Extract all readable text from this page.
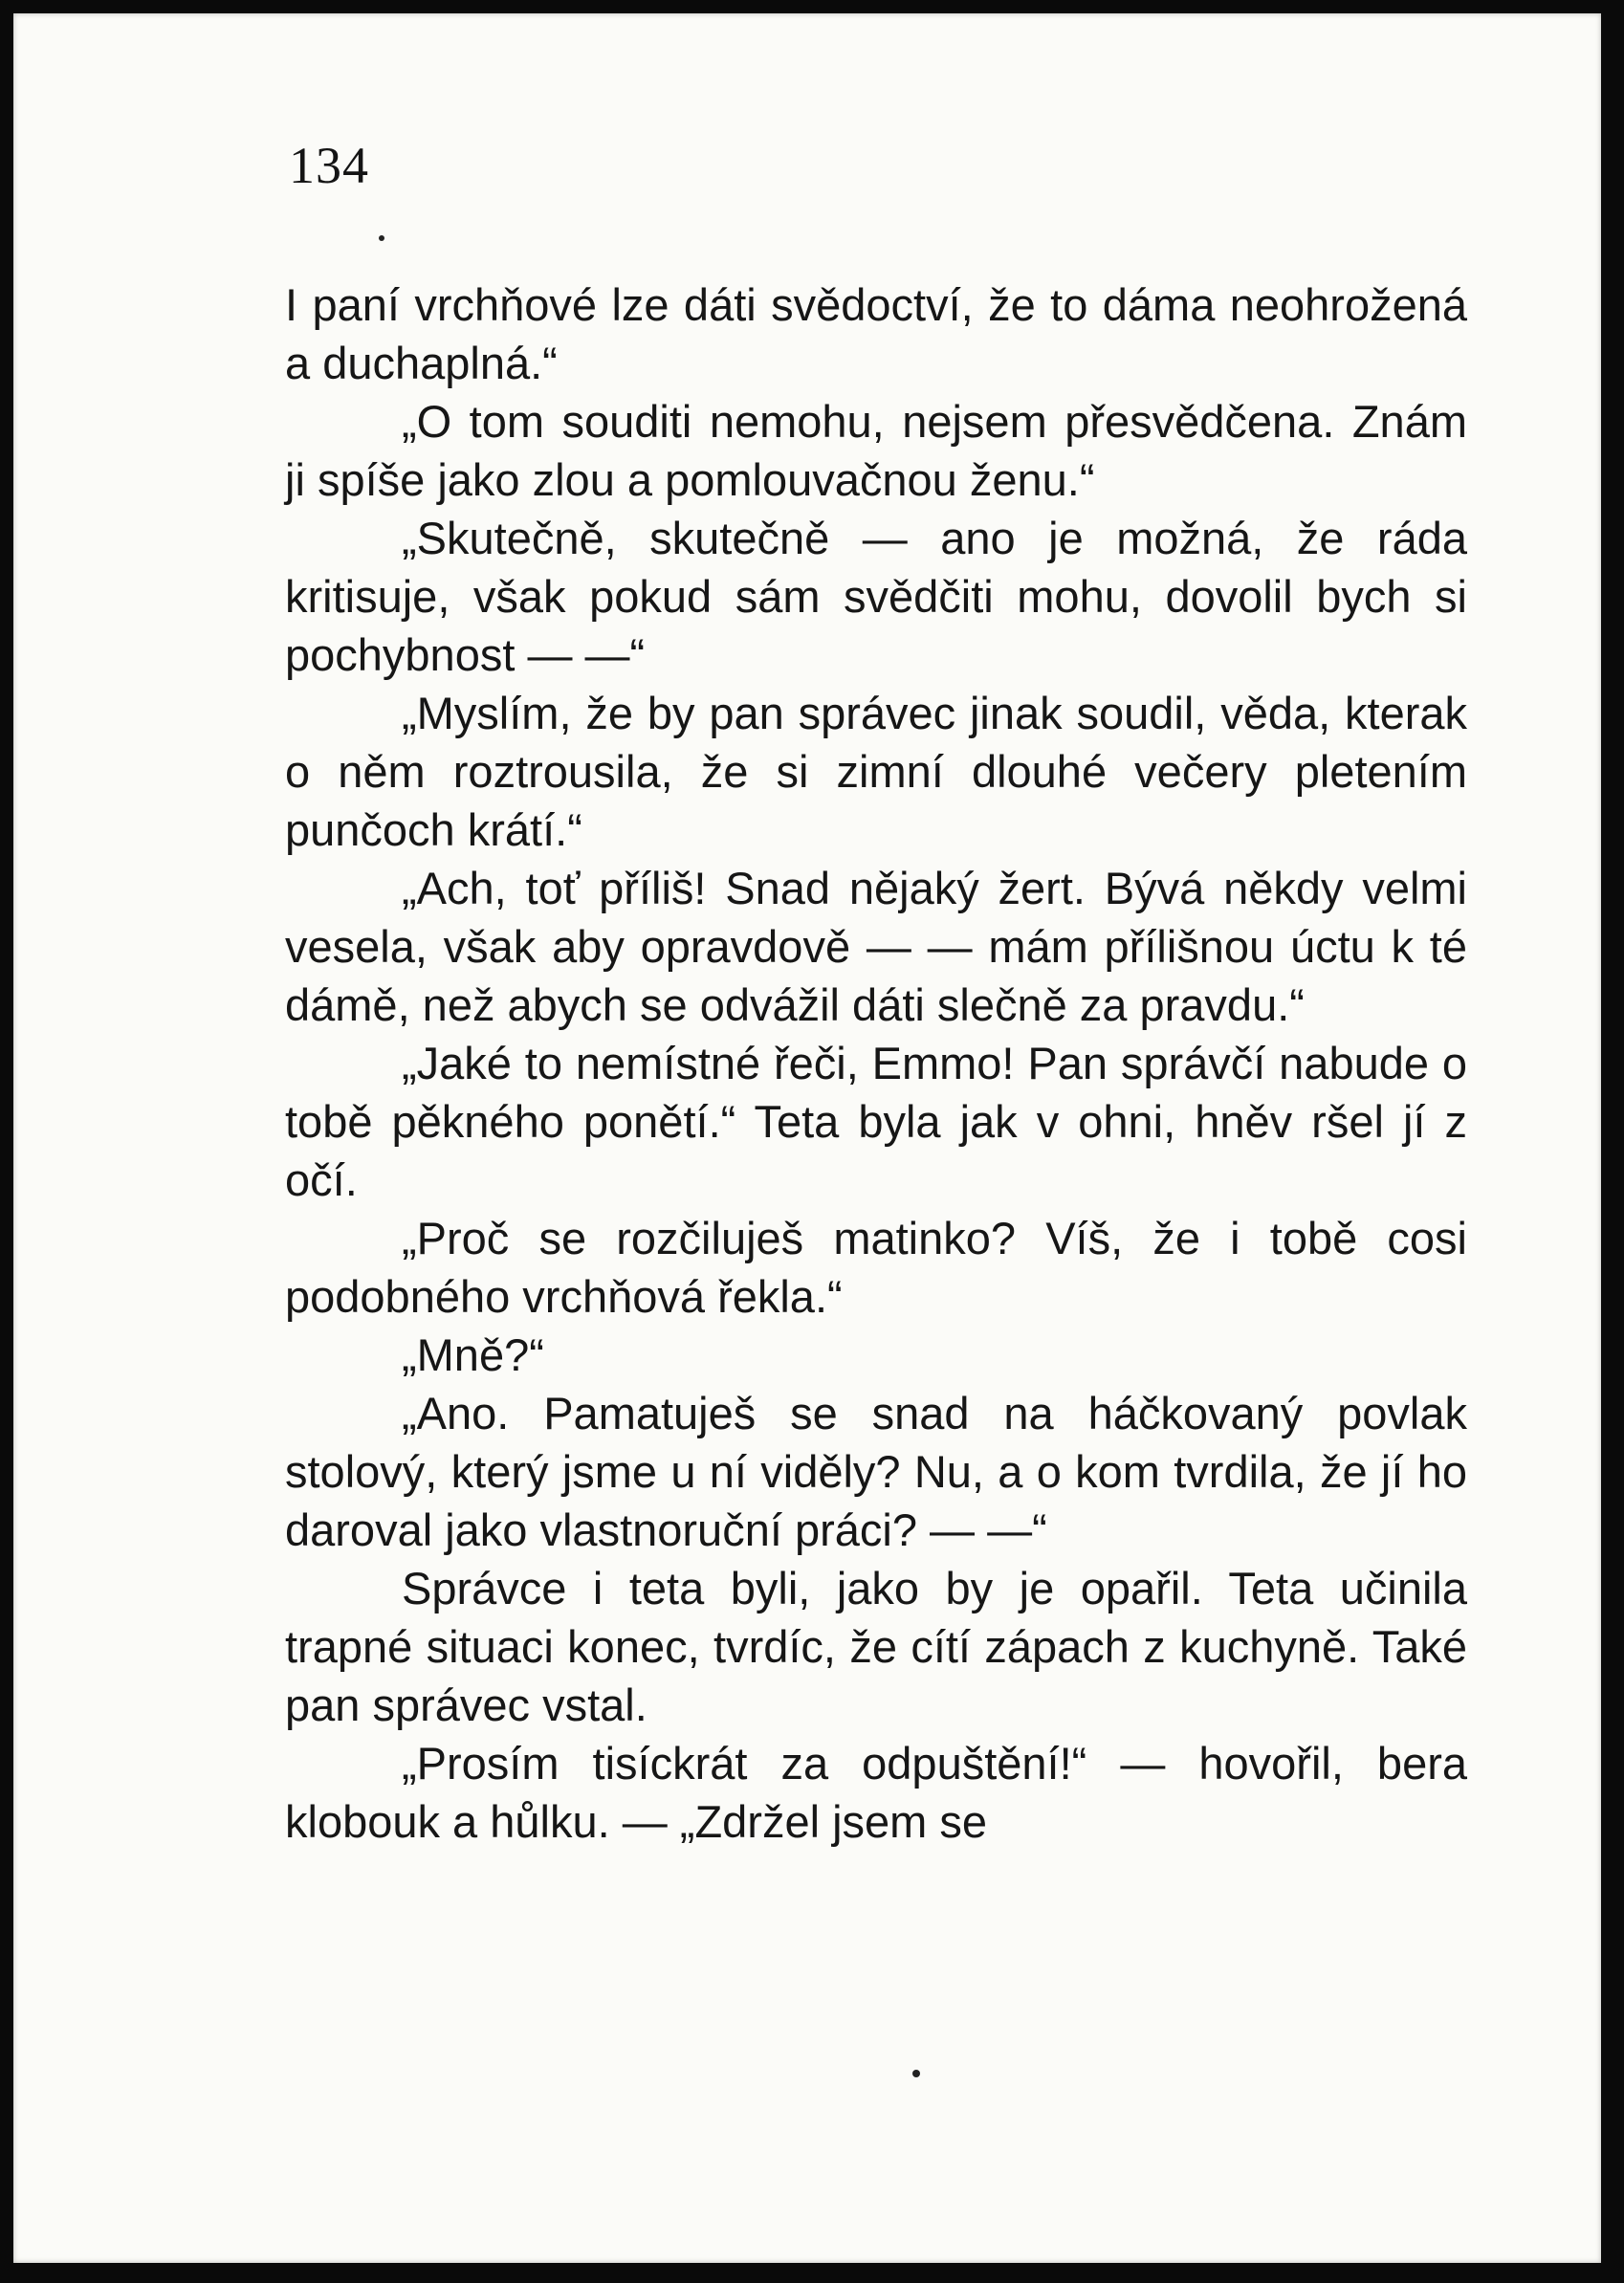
134

I paní vrchňové lze dáti svědoctví, že to dáma neohrožená a duchaplná.“

„O tom souditi nemohu, nejsem přesvědčena. Znám ji spíše jako zlou a pomlouvačnou ženu.“

„Skutečně, skutečně — ano je možná, že ráda kritisuje, však pokud sám svědčiti mohu, dovolil bych si pochybnost — —“

„Myslím, že by pan správec jinak soudil, věda, kterak o něm roztrousila, že si zimní dlouhé večery pletením punčoch krátí.“

„Ach, toť příliš! Snad nějaký žert. Bývá někdy velmi vesela, však aby opravdově — — mám přílišnou úctu k té dámě, než abych se odvážil dáti slečně za pravdu.“

„Jaké to nemístné řeči, Emmo! Pan správčí nabude o tobě pěkného ponětí.“ Teta byla jak v ohni, hněv ršel jí z očí.

„Proč se rozčiluješ matinko? Víš, že i tobě cosi podobného vrchňová řekla.“

„Mně?“

„Ano. Pamatuješ se snad na háčkovaný povlak stolový, který jsme u ní viděly? Nu, a o kom tvrdila, že jí ho daroval jako vlastnoruční práci? — —“

Správce i teta byli, jako by je opařil. Teta učinila trapné situaci konec, tvrdíc, že cítí zápach z kuchyně. Také pan správec vstal.

„Prosím tisíckrát za odpuštění!“ — hovořil, bera klobouk a hůlku. — „Zdržel jsem se
